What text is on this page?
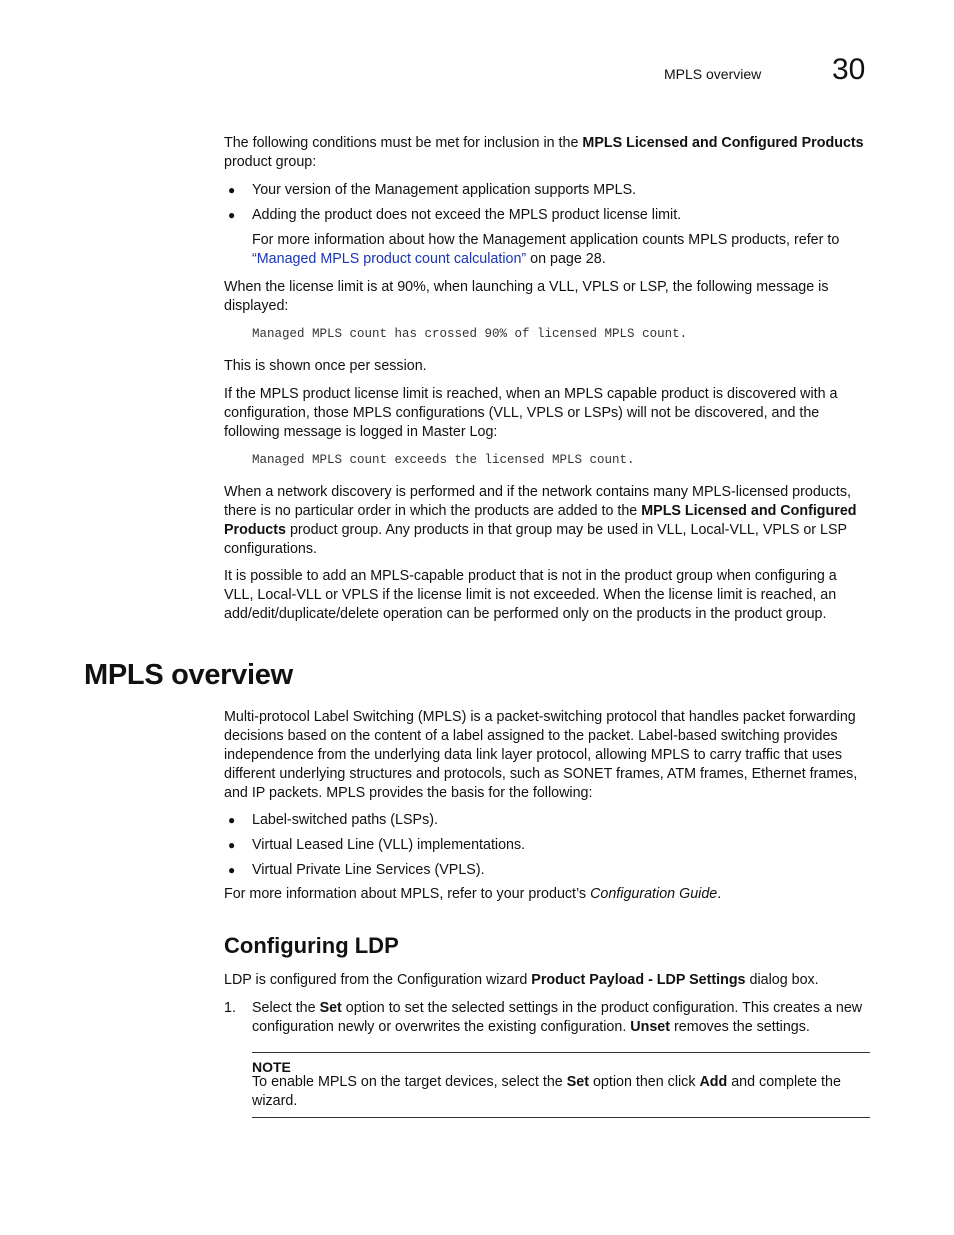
MPLS overview 30

The following conditions must be met for inclusion in the MPLS Licensed and Configured Products product group:

● Your version of the Management application supports MPLS.
● Adding the product does not exceed the MPLS product license limit.

For more information about how the Management application counts MPLS products, refer to “Managed MPLS product count calculation” on page 28.

When the license limit is at 90%, when launching a VLL, VPLS or LSP, the following message is displayed:

Managed MPLS count has crossed 90% of licensed MPLS count.

This is shown once per session.

If the MPLS product license limit is reached, when an MPLS capable product is discovered with a configuration, those MPLS configurations (VLL, VPLS or LSPs) will not be discovered, and the following message is logged in Master Log:

Managed MPLS count exceeds the licensed MPLS count.

When a network discovery is performed and if the network contains many MPLS-licensed products, there is no particular order in which the products are added to the MPLS Licensed and Configured Products product group. Any products in that group may be used in VLL, Local-VLL, VPLS or LSP configurations.

It is possible to add an MPLS-capable product that is not in the product group when configuring a VLL, Local-VLL or VPLS if the license limit is not exceeded. When the license limit is reached, an add/edit/duplicate/delete operation can be performed only on the products in the product group.

MPLS overview

Multi-protocol Label Switching (MPLS) is a packet-switching protocol that handles packet forwarding decisions based on the content of a label assigned to the packet. Label-based switching provides independence from the underlying data link layer protocol, allowing MPLS to carry traffic that uses different underlying structures and protocols, such as SONET frames, ATM frames, Ethernet frames, and IP packets. MPLS provides the basis for the following:

● Label-switched paths (LSPs).
● Virtual Leased Line (VLL) implementations.
● Virtual Private Line Services (VPLS).

For more information about MPLS, refer to your product’s Configuration Guide.

Configuring LDP

LDP is configured from the Configuration wizard Product Payload - LDP Settings dialog box.

1. Select the Set option to set the selected settings in the product configuration. This creates a new configuration newly or overwrites the existing configuration. Unset removes the settings.
NOTE
To enable MPLS on the target devices, select the Set option then click Add and complete the wizard.
